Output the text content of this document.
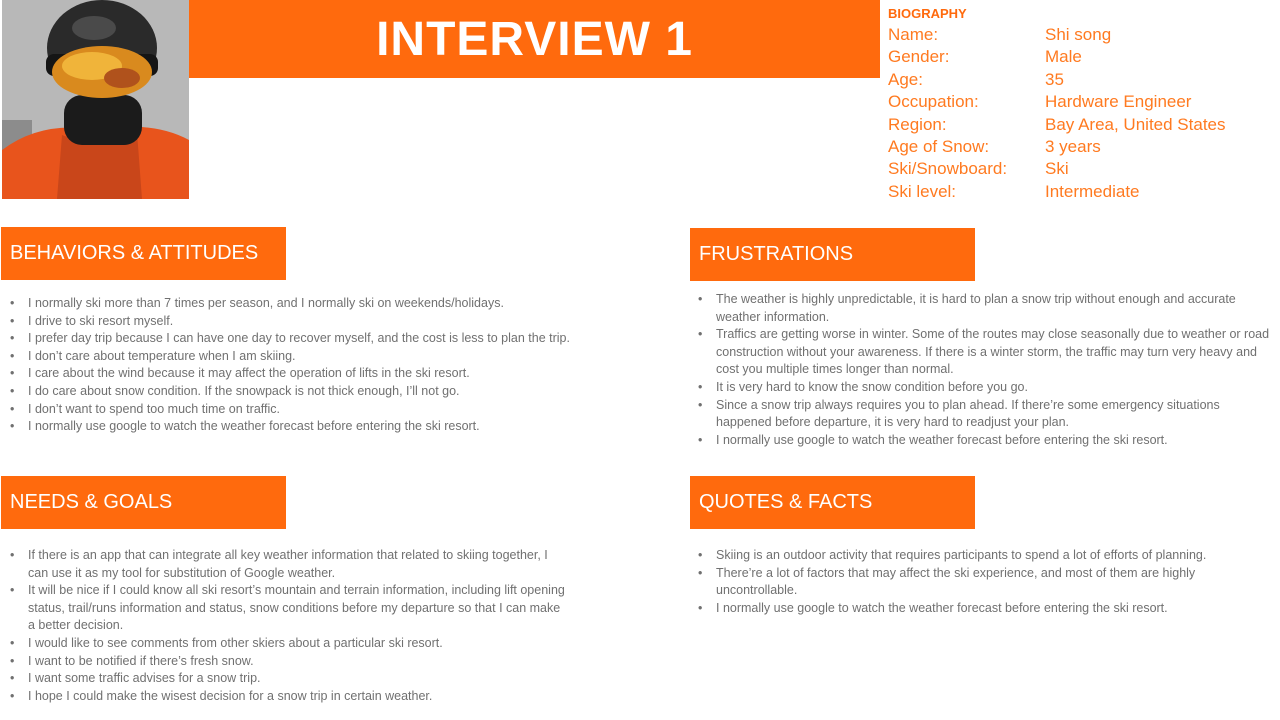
INTERVIEW 1	BIOGRAPHY
Name:	Shi song
Gender:	Male
Age:	35
Occupation:	Hardware Engineer
Region:	Bay Area, United States
Age of Snow:	3 years
Ski/Snowboard: Ski
Ski level:	Intermediate
BEHAVIORS & ATTITUDES
• I normally ski more than 7 times per season, and I normally ski on weekends/holidays.
• I drive to ski resort myself.
• I prefer day trip because I can have one day to recover myself, and the cost is less to plan the trip.
• I don’t care about temperature when I am skiing.
• I care about the wind because it may affect the operation of lifts in the ski resort.
• I do care about snow condition. If the snowpack is not thick enough, I’ll not go.
• I don’t want to spend too much time on traffic.
• I normally use google to watch the weather forecast before entering the ski resort.
FRUSTRATIONS
• The weather is highly unpredictable, it is hard to plan a snow trip without enough and accurate weather information.
• Traffics are getting worse in winter. Some of the routes may close seasonally due to weather or road construction without your awareness. If there is a winter storm, the traffic may turn very heavy and cost you multiple times longer than normal.
• It is very hard to know the snow condition before you go.
• Since a snow trip always requires you to plan ahead. If there’re some emergency situations happened before departure, it is very hard to readjust your plan.
• I normally use google to watch the weather forecast before entering the ski resort.
NEEDS & GOALS
• If there is an app that can integrate all key weather information that related to skiing together, I can use it as my tool for substitution of Google weather.
• It will be nice if I could know all ski resort’s mountain and terrain information, including lift opening status, trail/runs information and status, snow conditions before my departure so that I can make a better decision.
• I would like to see comments from other skiers about a particular ski resort.
• I want to be notified if there’s fresh snow.
• I want some traffic advises for a snow trip.
• I hope I could make the wisest decision for a snow trip in certain weather.
QUOTES & FACTS
• Skiing is an outdoor activity that requires participants to spend a lot of efforts of planning.
• There’re a lot of factors that may affect the ski experience, and most of them are highly uncontrollable.
• I normally use google to watch the weather forecast before entering the ski resort.
